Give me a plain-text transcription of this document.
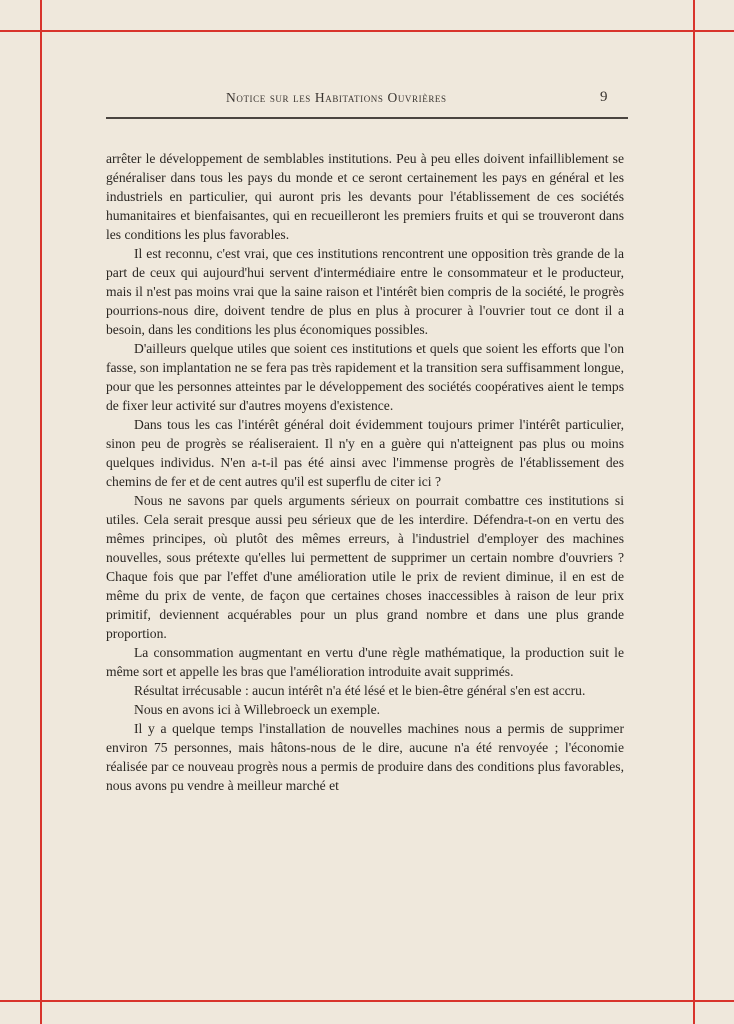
Notice sur les Habitations Ouvrières	9

arrêter le développement de semblables institutions. Peu à peu elles doivent infailliblement se généraliser dans tous les pays du monde et ce seront certainement les pays en général et les industriels en particulier, qui auront pris les devants pour l'établissement de ces sociétés humanitaires et bienfaisantes, qui en recueilleront les premiers fruits et qui se trouveront dans les conditions les plus favorables.

Il est reconnu, c'est vrai, que ces institutions rencontrent une opposition très grande de la part de ceux qui aujourd'hui servent d'intermédiaire entre le consommateur et le producteur, mais il n'est pas moins vrai que la saine raison et l'intérêt bien compris de la société, le progrès pourrions-nous dire, doivent tendre de plus en plus à procurer à l'ouvrier tout ce dont il a besoin, dans les conditions les plus économiques possibles.

D'ailleurs quelque utiles que soient ces institutions et quels que soient les efforts que l'on fasse, son implantation ne se fera pas très rapidement et la transition sera suffisamment longue, pour que les personnes atteintes par le développement des sociétés coopératives aient le temps de fixer leur activité sur d'autres moyens d'existence.

Dans tous les cas l'intérêt général doit évidemment toujours primer l'intérêt particulier, sinon peu de progrès se réaliseraient. Il n'y en a guère qui n'atteignent pas plus ou moins quelques individus. N'en a-t-il pas été ainsi avec l'immense progrès de l'établissement des chemins de fer et de cent autres qu'il est superflu de citer ici ?

Nous ne savons par quels arguments sérieux on pourrait combattre ces institutions si utiles. Cela serait presque aussi peu sérieux que de les interdire. Défendra-t-on en vertu des mêmes principes, où plutôt des mêmes erreurs, à l'industriel d'employer des machines nouvelles, sous prétexte qu'elles lui permettent de supprimer un certain nombre d'ouvriers ? Chaque fois que par l'effet d'une amélioration utile le prix de revient diminue, il en est de même du prix de vente, de façon que certaines choses inaccessibles à raison de leur prix primitif, deviennent acquérables pour un plus grand nombre et dans une plus grande proportion.

La consommation augmentant en vertu d'une règle mathématique, la production suit le même sort et appelle les bras que l'amélioration introduite avait supprimés.

Résultat irrécusable : aucun intérêt n'a été lésé et le bien-être général s'en est accru.

Nous en avons ici à Willebroeck un exemple.

Il y a quelque temps l'installation de nouvelles machines nous a permis de supprimer environ 75 personnes, mais hâtons-nous de le dire, aucune n'a été renvoyée ; l'économie réalisée par ce nouveau progrès nous a permis de produire dans des conditions plus favorables, nous avons pu vendre à meilleur marché et
